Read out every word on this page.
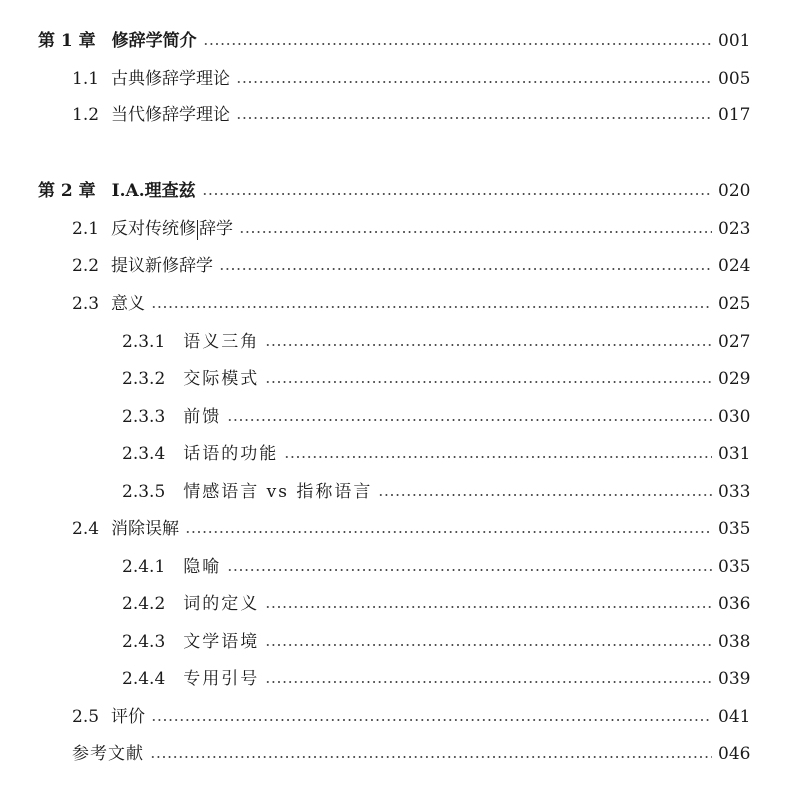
第 1 章 修辞学简介	001
1.1 古典修辞学理论	005
1.2 当代修辞学理论	017
第 2 章 I.A.理查兹	020
2.1 反对传统修 辞学	023
2.2 提议新修辞学	024
2.3 意义	025
2.3.1	语义三角	027
2.3.2	交际模式	029
2.3.3	前馈	030
2.3.4	话语的功能	031
2.3.5	情感语言 vs 指称语言	033
2.4 消除误解	035
2.4.1	隐喻	035
2.4.2	词的定义	036
2.4.3	文学语境	038
2.4.4	专用引号	039
2.5 评价	041
参考文献	046
